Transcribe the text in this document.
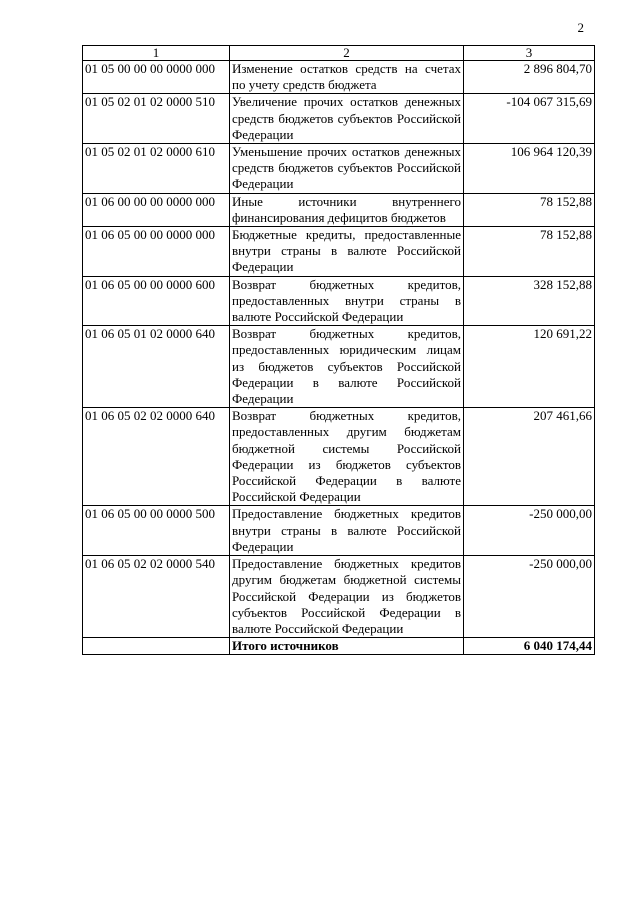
2
1	2	3
01 05 00 00 00 0000 000	Изменение остатков средств на счетах по учету средств бюджета	2 896 804,70
01 05 02 01 02 0000 510	Увеличение прочих остатков денежных средств бюджетов субъектов Российской Федерации	-104 067 315,69
01 05 02 01 02 0000 610	Уменьшение прочих остатков денежных средств бюджетов субъектов Российской Федерации	106 964 120,39
01 06 00 00 00 0000 000	Иные источники внутреннего финансирования дефицитов бюджетов	78 152,88
01 06 05 00 00 0000 000	Бюджетные кредиты, предоставленные внутри страны в валюте Российской Федерации	78 152,88
01 06 05 00 00 0000 600	Возврат бюджетных кредитов, предоставленных внутри страны в валюте Российской Федерации	328 152,88
01 06 05 01 02 0000 640	Возврат бюджетных кредитов, предоставленных юридическим лицам из бюджетов субъектов Российской Федерации в валюте Российской Федерации	120 691,22
01 06 05 02 02 0000 640	Возврат бюджетных кредитов, предоставленных другим бюджетам бюджетной системы Российской Федерации из бюджетов субъектов Российской Федерации в валюте Российской Федерации	207 461,66
01 06 05 00 00 0000 500	Предоставление бюджетных кредитов внутри страны в валюте Российской Федерации	-250 000,00
01 06 05 02 02 0000 540	Предоставление бюджетных кредитов другим бюджетам бюджетной системы Российской Федерации из бюджетов субъектов Российской Федерации в валюте Российской Федерации	-250 000,00
	Итого источников	6 040 174,44
